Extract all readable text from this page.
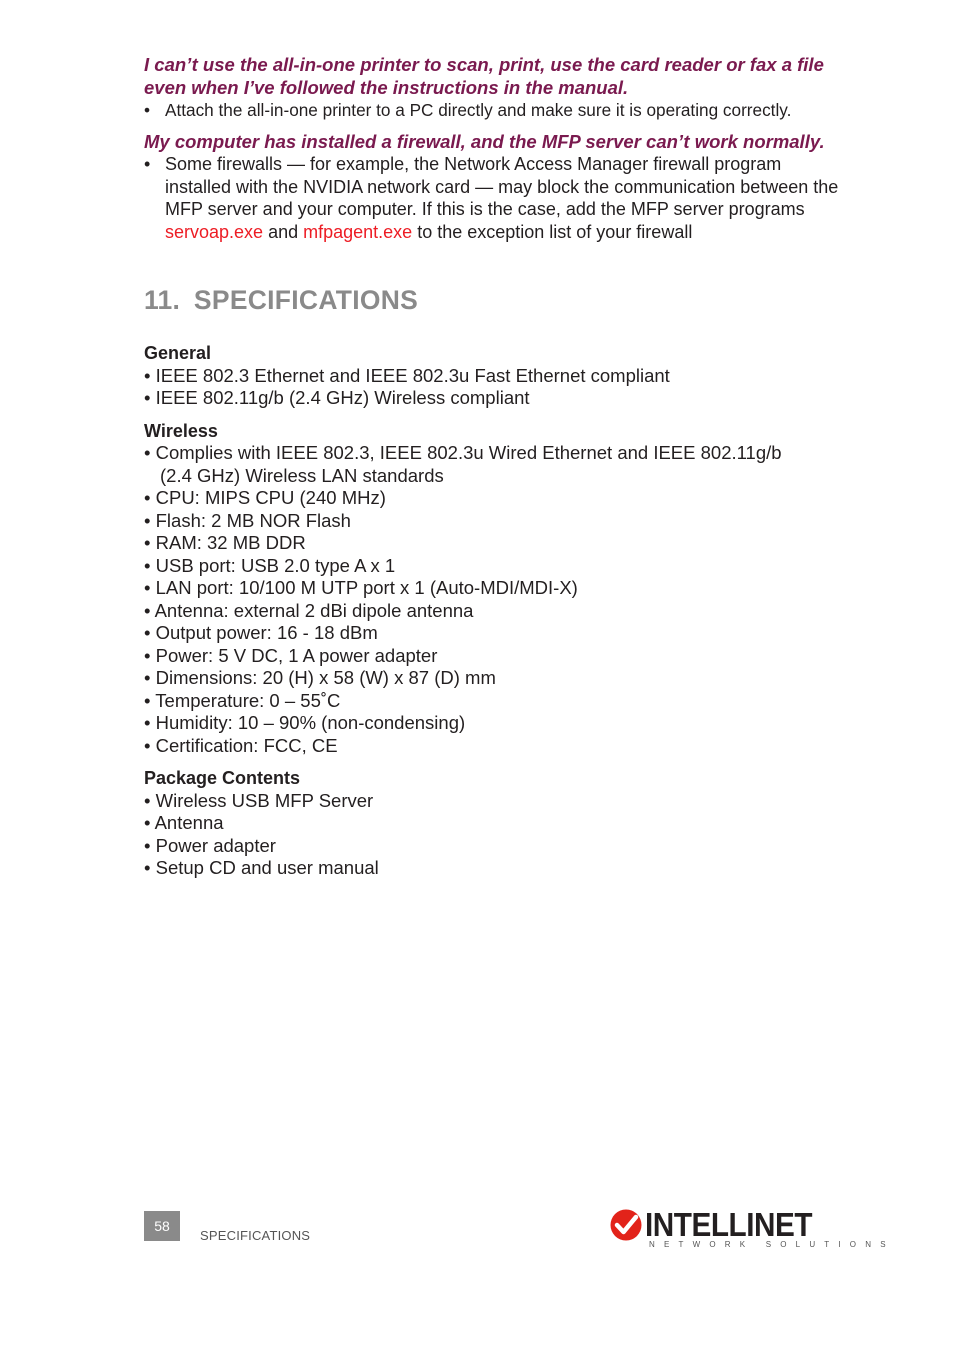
I can’t use the all-in-one printer to scan, print, use the card reader or fax a file even when I’ve followed the instructions in the manual.

• Attach the all-in-one printer to a PC directly and make sure it is operating correctly.

My computer has installed a firewall, and the MFP server can’t work normally.

• Some firewalls — for example, the Network Access Manager firewall program installed with the NVIDIA network card — may block the communication between the MFP server and your computer. If this is the case, add the MFP server programs servoap.exe and mfpagent.exe to the exception list of your firewall
11. SPECIFICATIONS

General

• IEEE 802.3 Ethernet and IEEE 802.3u Fast Ethernet compliant
• IEEE 802.11g/b (2.4 GHz) Wireless compliant

Wireless

• Complies with IEEE 802.3, IEEE 802.3u Wired Ethernet and IEEE 802.11g/b
(2.4 GHz) Wireless LAN standards
• CPU: MIPS CPU (240 MHz)
• Flash: 2 MB NOR Flash
• RAM: 32 MB DDR
• USB port: USB 2.0 type A x 1
• LAN port: 10/100 M UTP port x 1 (Auto-MDI/MDI-X)
• Antenna: external 2 dBi dipole antenna
• Output power: 16 - 18 dBm
• Power: 5 V DC, 1 A power adapter
• Dimensions: 20 (H) x 58 (W) x 87 (D) mm
• Temperature: 0 – 55˚C
• Humidity: 10 – 90% (non-condensing)
• Certification: FCC, CE

Package Contents

• Wireless USB MFP Server
• Antenna
• Power adapter
• Setup CD and user manual
58
SPECIFICATIONS	INTELLINET
NETWORK SOLUTIONS
